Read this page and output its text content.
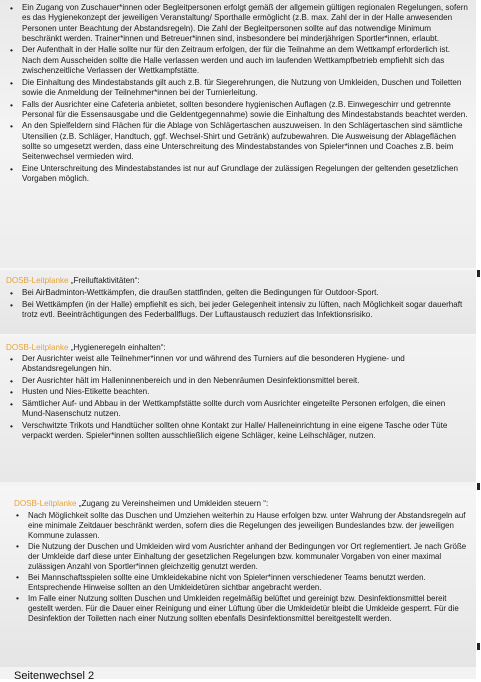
• Ein Zugang von Zuschauer*innen oder Begleitpersonen erfolgt gemäß der allgemein gültigen regionalen Regelungen, sofern es das Hygienekonzept der jeweiligen Veranstaltung/ Sporthalle ermöglicht (z.B. max. Zahl der in der Halle anwesenden Personen unter Beachtung der Abstandsregeln). Die Zahl der Begleitpersonen sollte auf das notwendige Minimum beschränkt werden. Trainer*innen und Betreuer*innen sind, insbesondere bei minderjährigen Sportler*innen, erlaubt.
• Der Aufenthalt in der Halle sollte nur für den Zeitraum erfolgen, der für die Teilnahme an dem Wettkampf erforderlich ist. Nach dem Ausscheiden sollte die Halle verlassen werden und auch im laufenden Wettkampfbetrieb empfiehlt sich das zwischenzeitliche Verlassen der Wettkampfstätte.
• Die Einhaltung des Mindestabstands gilt auch z.B. für Siegerehrungen, die Nutzung von Umkleiden, Duschen und Toiletten sowie die Anmeldung der Teilnehmer*innen bei der Turnierleitung.
• Falls der Ausrichter eine Cafeteria anbietet, sollten besondere hygienischen Auflagen (z.B. Einwegeschirr und getrennte Personal für die Essensausgabe und die Geldentgegennahme) sowie die Einhaltung des Mindestabstands beachtet werden.
• An den Spielfeldern sind Flächen für die Ablage von Schlägertaschen auszuweisen. In den Schlägertaschen sind sämtliche Utensilien (z.B. Schläger, Handtuch, ggf. Wechsel-Shirt und Getränk) aufzubewahren. Die Ausweisung der Ablageflächen sollte so umgesetzt werden, dass eine Unterschreitung des Mindestabstandes von Spieler*innen und Coaches z.B. beim Seitenwechsel vermieden wird.
• Eine Unterschreitung des Mindestabstandes ist nur auf Grundlage der zulässigen Regelungen der geltenden gesetzlichen Vorgaben möglich.
DOSB-Leitplanke „Freiluftaktivitäten“:
• Bei AirBadminton-Wettkämpfen, die draußen stattfinden, gelten die Bedingungen für Outdoor-Sport.
• Bei Wettkämpfen (in der Halle) empfiehlt es sich, bei jeder Gelegenheit intensiv zu lüften, nach Möglichkeit sogar dauerhaft trotz evtl. Beeinträchtigungen des Federballflugs. Der Luftaustausch reduziert das Infektionsrisiko.
DOSB-Leitplanke „Hygieneregeln einhalten“:
• Der Ausrichter weist alle Teilnehmer*innen vor und während des Turniers auf die besonderen Hygiene- und Abstandsregelungen hin.
• Der Ausrichter hält im Halleninnenbereich und in den Nebenräumen Desinfektionsmittel bereit.
• Husten und Nies-Etikette beachten.
• Sämtlicher Auf- und Abbau in der Wettkampfstätte sollte durch vom Ausrichter eingeteilte Personen erfolgen, die einen Mund-Nasenschutz nutzen.
• Verschwitzte Trikots und Handtücher sollten ohne Kontakt zur Halle/ Halleneinrichtung in eine eigene Tasche oder Tüte verpackt werden. Spieler*innen sollten ausschließlich eigene Schläger, keine Leihschläger, nutzen.
DOSB-Leitplanke „Zugang zu Vereinsheimen und Umkleiden steuern “:
• Nach Möglichkeit sollte das Duschen und Umziehen weiterhin zu Hause erfolgen bzw. unter Wahrung der Abstandsregeln auf eine minimale Zeitdauer beschränkt werden, sofern dies die Regelungen des jeweiligen Bundeslandes bzw. der jeweiligen Kommune zulassen.
• Die Nutzung der Duschen und Umkleiden wird vom Ausrichter anhand der Bedingungen vor Ort reglementiert. Je nach Größe der Umkleide darf diese unter Einhaltung der gesetzlichen Regelungen bzw. kommunaler Vorgaben von einer maximal zulässigen Anzahl von Sportler*innen gleichzeitig genutzt werden.
• Bei Mannschaftsspielen sollte eine Umkleidekabine nicht von Spieler*innen verschiedener Teams benutzt werden. Entsprechende Hinweise sollten an den Umkleidetüren sichtbar angebracht werden.
• Im Falle einer Nutzung sollten Duschen und Umkleiden regelmäßig belüftet und gereinigt bzw. Desinfektionsmittel bereit gestellt werden. Für die Dauer einer Reinigung und einer Lüftung über die Umkleidetür bleibt die Umkleide gesperrt. Für die Desinfektion der Toiletten nach einer Nutzung sollten ebenfalls Desinfektionsmittel bereitgestellt werden.
Seitenwechsel 2
